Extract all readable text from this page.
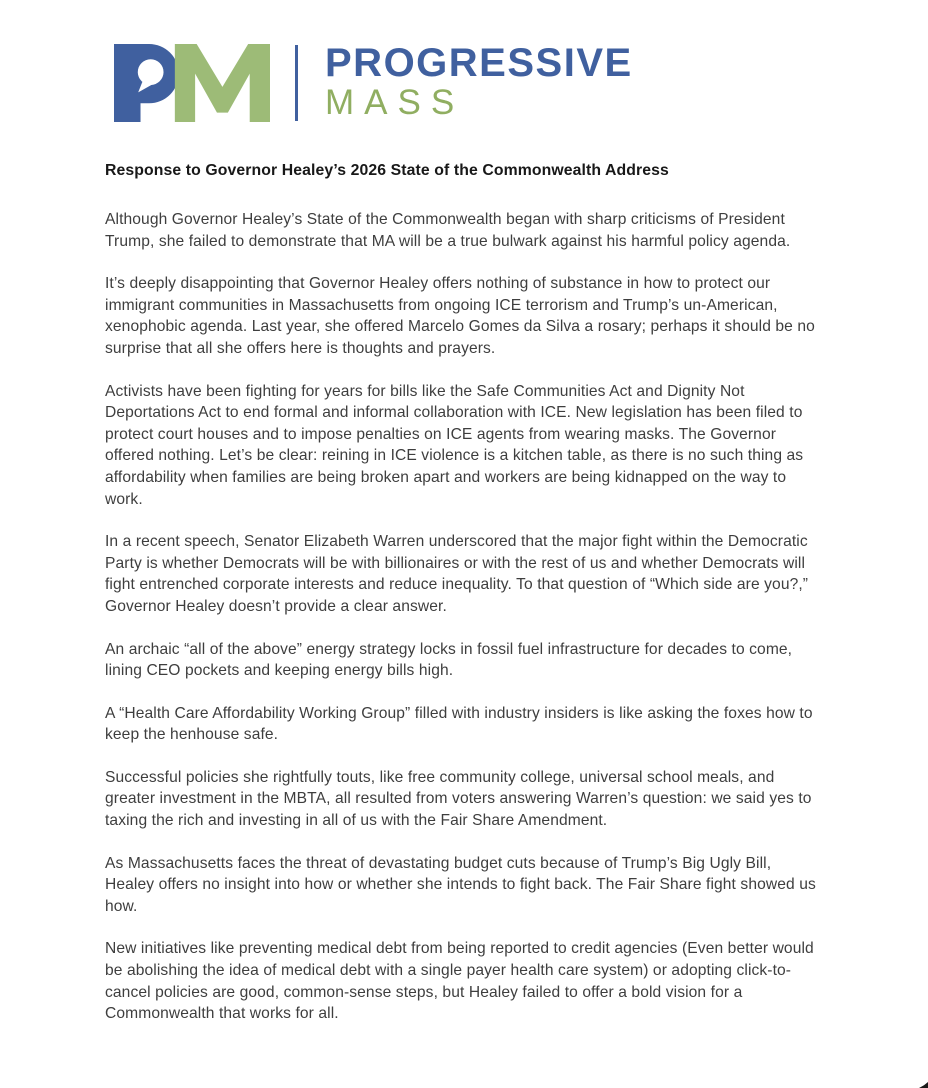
PROGRESSIVE
MASS
Response to Governor Healey’s 2026 State of the Commonwealth Address

Although Governor Healey’s State of the Commonwealth began with sharp criticisms of President Trump, she failed to demonstrate that MA will be a true bulwark against his harmful policy agenda.

It’s deeply disappointing that Governor Healey offers nothing of substance in how to protect our immigrant communities in Massachusetts from ongoing ICE terrorism and Trump’s un-American, xenophobic agenda. Last year, she offered Marcelo Gomes da Silva a rosary; perhaps it should be no surprise that all she offers here is thoughts and prayers.

Activists have been fighting for years for bills like the Safe Communities Act and Dignity Not Deportations Act to end formal and informal collaboration with ICE. New legislation has been filed to protect court houses and to impose penalties on ICE agents from wearing masks. The Governor offered nothing. Let’s be clear: reining in ICE violence is a kitchen table, as there is no such thing as affordability when families are being broken apart and workers are being kidnapped on the way to work.

In a recent speech, Senator Elizabeth Warren underscored that the major fight within the Democratic Party is whether Democrats will be with billionaires or with the rest of us and whether Democrats will fight entrenched corporate interests and reduce inequality. To that question of “Which side are you?,” Governor Healey doesn’t provide a clear answer.

An archaic “all of the above” energy strategy locks in fossil fuel infrastructure for decades to come, lining CEO pockets and keeping energy bills high.

A “Health Care Affordability Working Group” filled with industry insiders is like asking the foxes how to keep the henhouse safe.

Successful policies she rightfully touts, like free community college, universal school meals, and greater investment in the MBTA, all resulted from voters answering Warren’s question: we said yes to taxing the rich and investing in all of us with the Fair Share Amendment.

As Massachusetts faces the threat of devastating budget cuts because of Trump’s Big Ugly Bill, Healey offers no insight into how or whether she intends to fight back. The Fair Share fight showed us how.

New initiatives like preventing medical debt from being reported to credit agencies (Even better would be abolishing the idea of medical debt with a single payer health care system) or adopting click-to-cancel policies are good, common-sense steps, but Healey failed to offer a bold vision for a Commonwealth that works for all.
